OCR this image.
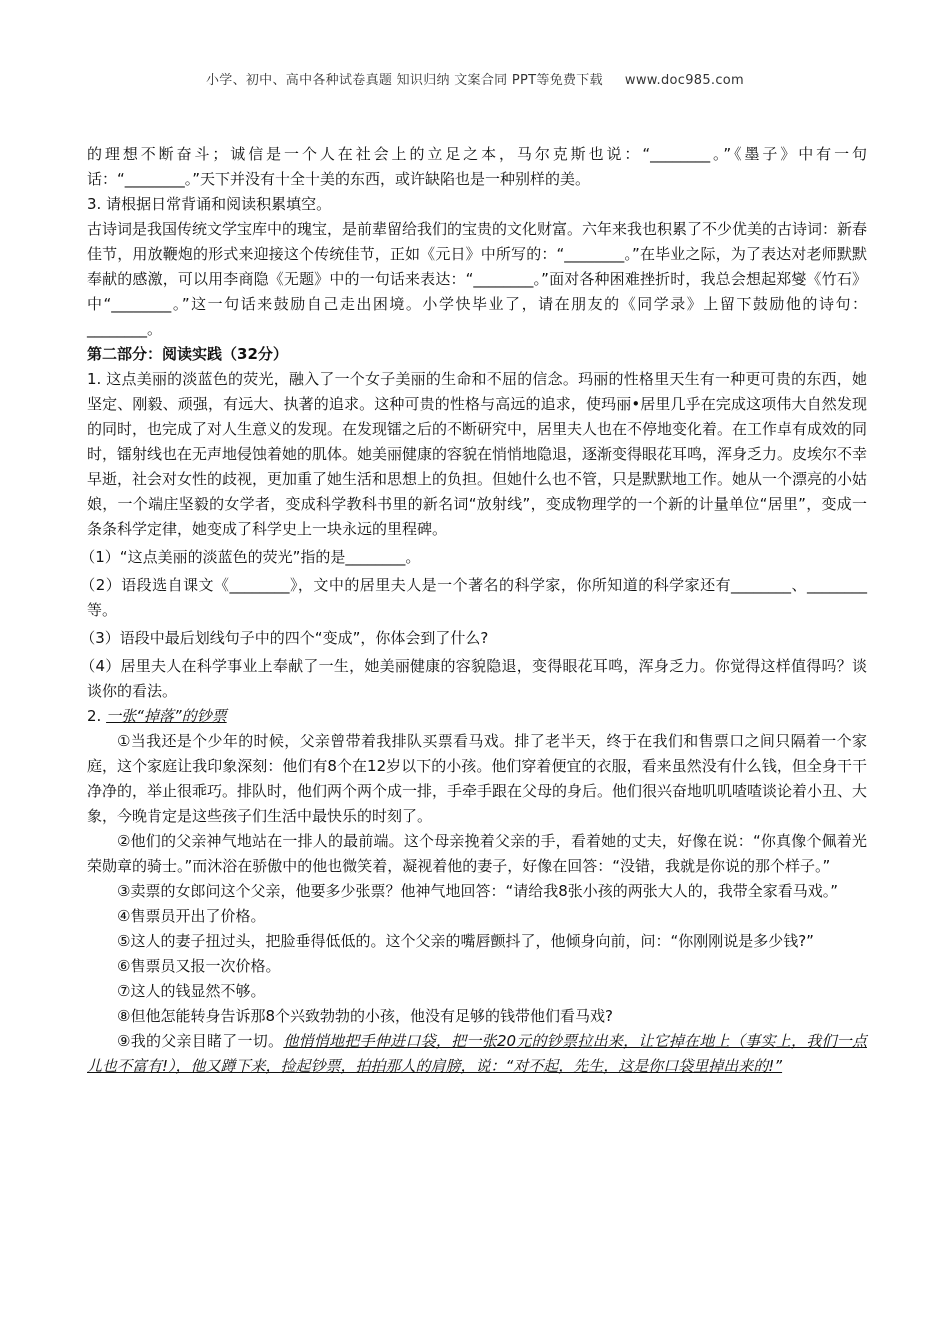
小学、初中、高中各种试卷真题 知识归纳 文案合同 PPT等免费下载 www.doc985.com

的理想不断奋斗；诚信是一个人在社会上的立足之本，马尔克斯也说：“________。”《墨子》中有一句话：“________。”天下并没有十全十美的东西，或许缺陷也是一种别样的美。

3. 请根据日常背诵和阅读积累填空。

古诗词是我国传统文学宝库中的瑰宝，是前辈留给我们的宝贵的文化财富。六年来我也积累了不少优美的古诗词：新春佳节，用放鞭炮的形式来迎接这个传统佳节，正如《元日》中所写的：“________。”在毕业之际，为了表达对老师默默奉献的感激，可以用李商隐《无题》中的一句话来表达：“________。”面对各种困难挫折时，我总会想起郑燮《竹石》中“________。”这一句话来鼓励自己走出困境。小学快毕业了，请在朋友的《同学录》上留下鼓励他的诗句：________。

第二部分：阅读实践（32分）

1. 这点美丽的淡蓝色的荧光，融入了一个女子美丽的生命和不屈的信念。玛丽的性格里天生有一种更可贵的东西，她坚定、刚毅、顽强，有远大、执著的追求。这种可贵的性格与高远的追求，使玛丽•居里几乎在完成这项伟大自然发现的同时，也完成了对人生意义的发现。在发现镭之后的不断研究中，居里夫人也在不停地变化着。在工作卓有成效的同时，镭射线也在无声地侵蚀着她的肌体。她美丽健康的容貌在悄悄地隐退，逐渐变得眼花耳鸣，浑身乏力。皮埃尔不幸早逝，社会对女性的歧视，更加重了她生活和思想上的负担。但她什么也不管，只是默默地工作。她从一个漂亮的小姑娘，一个端庄坚毅的女学者，变成科学教科书里的新名词“放射线”，变成物理学的一个新的计量单位“居里”，变成一条条科学定律，她变成了科学史上一块永远的里程碑。

（1）“这点美丽的淡蓝色的荧光”指的是________。

（2）语段选自课文《________》，文中的居里夫人是一个著名的科学家，你所知道的科学家还有________、________等。

（3）语段中最后划线句子中的四个“变成”，你体会到了什么?

（4）居里夫人在科学事业上奉献了一生，她美丽健康的容貌隐退，变得眼花耳鸣，浑身乏力。你觉得这样值得吗？谈谈你的看法。

2. 一张“掉落”的钞票

①当我还是个少年的时候，父亲曾带着我排队买票看马戏。排了老半天，终于在我们和售票口之间只隔着一个家庭，这个家庭让我印象深刻：他们有8个在12岁以下的小孩。他们穿着便宜的衣服，看来虽然没有什么钱，但全身干干净净的，举止很乖巧。排队时，他们两个两个成一排，手牵手跟在父母的身后。他们很兴奋地叽叽喳喳谈论着小丑、大象，今晚肯定是这些孩子们生活中最快乐的时刻了。

②他们的父亲神气地站在一排人的最前端。这个母亲挽着父亲的手，看着她的丈夫，好像在说：“你真像个佩着光荣勋章的骑士。”而沐浴在骄傲中的他也微笑着，凝视着他的妻子，好像在回答：“没错，我就是你说的那个样子。”

③卖票的女郎问这个父亲，他要多少张票？他神气地回答：“请给我8张小孩的两张大人的，我带全家看马戏。”

④售票员开出了价格。

⑤这人的妻子扭过头，把脸垂得低低的。这个父亲的嘴唇颤抖了，他倾身向前，问：“你刚刚说是多少钱?”

⑥售票员又报一次价格。

⑦这人的钱显然不够。

⑧但他怎能转身告诉那8个兴致勃勃的小孩，他没有足够的钱带他们看马戏?

⑨我的父亲目睹了一切。他悄悄地把手伸进口袋，把一张20元的钞票拉出来，让它掉在地上（事实上，我们一点儿也不富有!），他又蹲下来，捡起钞票，拍拍那人的肩膀，说：“对不起，先生，这是你口袋里掉出来的!”
